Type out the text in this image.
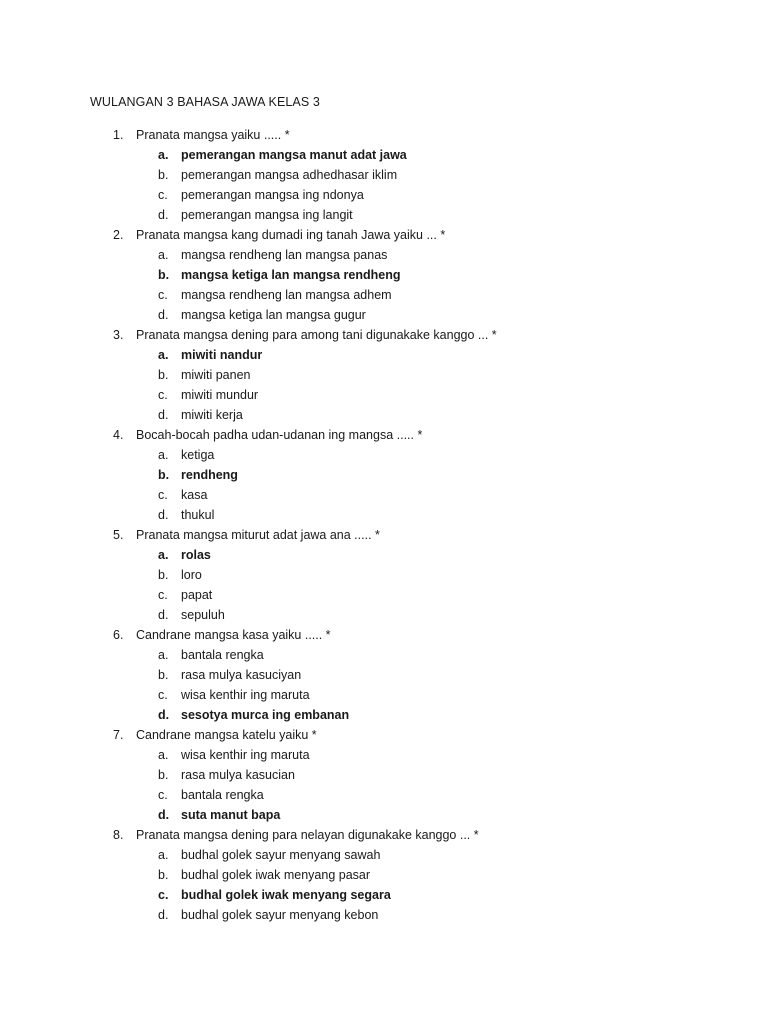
WULANGAN 3 BAHASA JAWA KELAS 3
1. Pranata mangsa yaiku ..... *
a. pemerangan mangsa manut adat jawa
b. pemerangan mangsa adhedhasar iklim
c. pemerangan mangsa ing ndonya
d. pemerangan mangsa ing langit
2. Pranata mangsa kang dumadi ing tanah Jawa yaiku ... *
a. mangsa rendheng lan mangsa panas
b. mangsa ketiga lan mangsa rendheng
c. mangsa rendheng lan mangsa adhem
d. mangsa ketiga lan mangsa gugur
3. Pranata mangsa dening para among tani digunakake kanggo ... *
a. miwiti nandur
b. miwiti panen
c. miwiti mundur
d. miwiti kerja
4. Bocah-bocah padha udan-udanan ing mangsa ..... *
a. ketiga
b. rendheng
c. kasa
d. thukul
5. Pranata mangsa miturut adat jawa ana ..... *
a. rolas
b. loro
c. papat
d. sepuluh
6. Candrane mangsa kasa yaiku ..... *
a. bantala rengka
b. rasa mulya kasuciyan
c. wisa kenthir ing maruta
d. sesotya murca ing embanan
7. Candrane mangsa katelu yaiku *
a. wisa kenthir ing maruta
b. rasa mulya kasucian
c. bantala rengka
d. suta manut bapa
8. Pranata mangsa dening para nelayan digunakake kanggo ... *
a. budhal golek sayur menyang sawah
b. budhal golek iwak menyang pasar
c. budhal golek iwak menyang segara
d. budhal golek sayur menyang kebon
